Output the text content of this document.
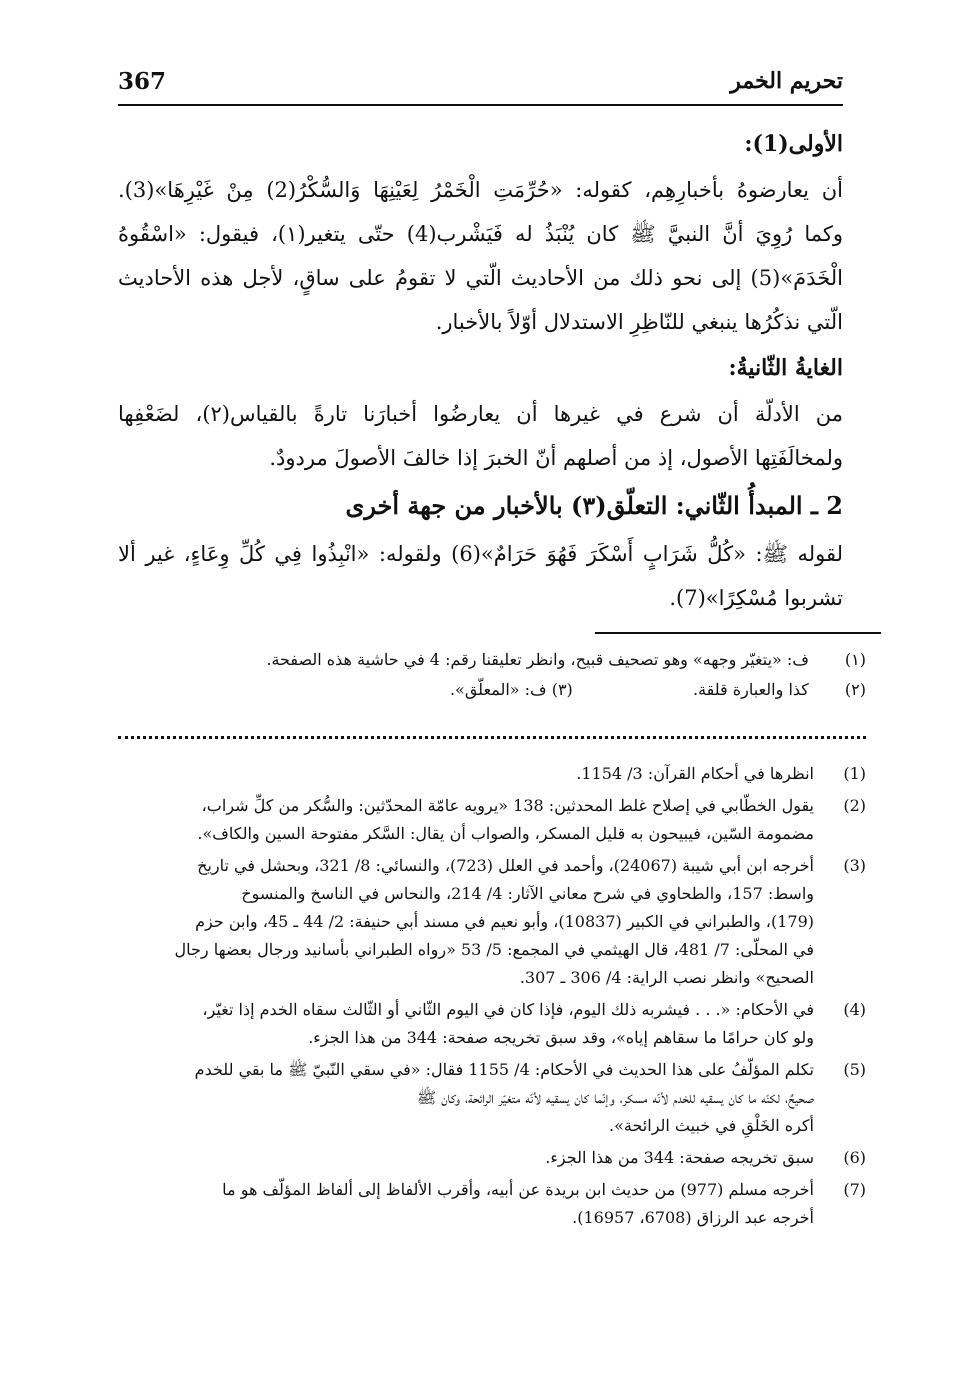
367	تحريم الخمر
الأولى(1):
أن يعارضوهُ بأخبارِهِم، كقوله: «حُرِّمَتِ الْخَمْرُ لِعَيْنِهَا وَالسُّكْرُ(2) مِنْ غَيْرِهَا»(3).
وكما رُوِيَ أنَّ النبيَّ ﷺ كان يُنْبَذُ له فَيَشْرب(4) حتّى يتغير(١)، فيقول: «اسْقُوهُ
الْخَدَمَ»(5) إلى نحو ذلك من الأحاديث الّتي لا تقومُ على ساقٍ، لأجل هذه الأحاديث
الّتي نذكُرُها ينبغي للنّاظِرِ الاستدلال أوّلاً بالأخبار.
الغايةُ الثّانيةُ:
من الأدلّة أن شرع في غيرها أن يعارضُوا أخبارَنا تارةً بالقياس(٢)، لضَعْفِها
ولمخالَفَتِها الأصول، إذ من أصلهم أنّ الخبرَ إذا خالفَ الأصولَ مردودٌ.
2 ـ المبدأُ الثّاني: التعلّق(٣) بالأخبار من جهة أخرى
لقوله ﷺ: «كُلُّ شَرَابٍ أَسْكَرَ فَهُوَ حَرَامٌ»(6) ولقوله: «انْبِذُوا فِي كُلِّ وِعَاءٍ، غير ألا
تشربوا مُسْكِرًا»(7).
(١) ف: «يتغيّر وجهه» وهو تصحيف قبيح، وانظر تعليقنا رقم: 4 في حاشية هذه الصفحة.
(٢) كذا والعبارة قلقة.  (٣) ف: «المعلّق».
(1)
انظرها في أحكام القرآن: 3/ 1154.
(2)
يقول الخطّابي في إصلاح غلط المحدثين: 138 «يرويه عامّة المحدّثين: والسُّكر من كلِّ شراب،
مضمومة السّين، فيبيحون به قليل المسكر، والصواب أن يقال: السَّكر مفتوحة السين والكاف».
(3)
أخرجه ابن أبي شيبة (24067)، وأحمد في العلل (723)، والنسائي: 8/ 321، وبحشل في تاريخ
واسط: 157، والطحاوي في شرح معاني الآثار: 4/ 214، والنحاس في الناسخ والمنسوخ
(179)، والطبراني في الكبير (10837)، وأبو نعيم في مسند أبي حنيفة: 2/ 44 ـ 45، وابن حزم
في المحلّى: 7/ 481، قال الهيثمي في المجمع: 5/ 53 «رواه الطبراني بأسانيد ورجال بعضها رجال
الصحيح» وانظر نصب الراية: 4/ 306 ـ 307.
(4)
في الأحكام: «. . . فيشربه ذلك اليوم، فإذا كان في اليوم الثّاني أو الثّالث سقاه الخدم إذا تغيّر،
ولو كان حرامًا ما سقاهم إياه»، وقد سبق تخريجه صفحة: 344 من هذا الجزء.
(5)
تكلم المؤلّفُ على هذا الحديث في الأحكام: 4/ 1155 فقال: «في سقي النّبيّ ﷺ ما بقي للخدم
صحيحٌ، لكنّه ما كان يسقيه للخدم لأنّه مسكر، وإنّما كان يسقيه لأنّه متغيّر الرائحة، وكان ﷺ
أكره الخَلْقِ في خبيث الرائحة».
(6)
سبق تخريجه صفحة: 344 من هذا الجزء.
(7)
أخرجه مسلم (977) من حديث ابن بريدة عن أبيه، وأقرب الألفاظ إلى ألفاظ المؤلّف هو ما
أخرجه عبد الرزاق (6708، 16957).
